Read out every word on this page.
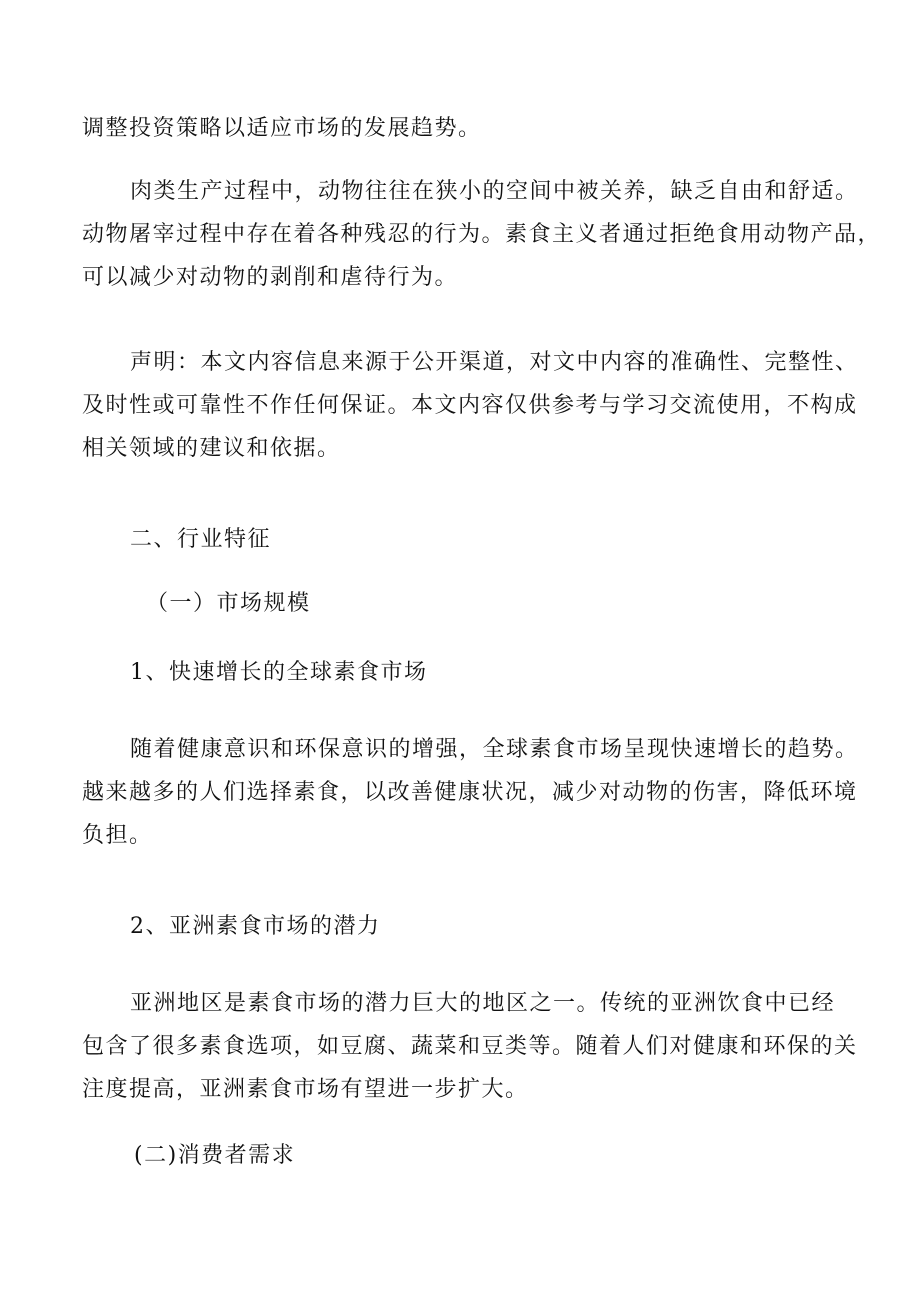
调整投资策略以适应市场的发展趋势。
肉类生产过程中，动物往往在狭小的空间中被关养，缺乏自由和舒适。
动物屠宰过程中存在着各种残忍的行为。素食主义者通过拒绝食用动物产品，
可以减少对动物的剥削和虐待行为。
声明：本文内容信息来源于公开渠道，对文中内容的准确性、完整性、
及时性或可靠性不作任何保证。本文内容仅供参考与学习交流使用，不构成
相关领域的建议和依据。
二、行业特征
（一）市场规模
1、快速增长的全球素食市场
随着健康意识和环保意识的增强，全球素食市场呈现快速增长的趋势。
越来越多的人们选择素食，以改善健康状况，减少对动物的伤害，降低环境
负担。
2、亚洲素食市场的潜力
亚洲地区是素食市场的潜力巨大的地区之一。传统的亚洲饮食中已经
包含了很多素食选项，如豆腐、蔬菜和豆类等。随着人们对健康和环保的关
注度提高，亚洲素食市场有望进一步扩大。
(二)消费者需求
